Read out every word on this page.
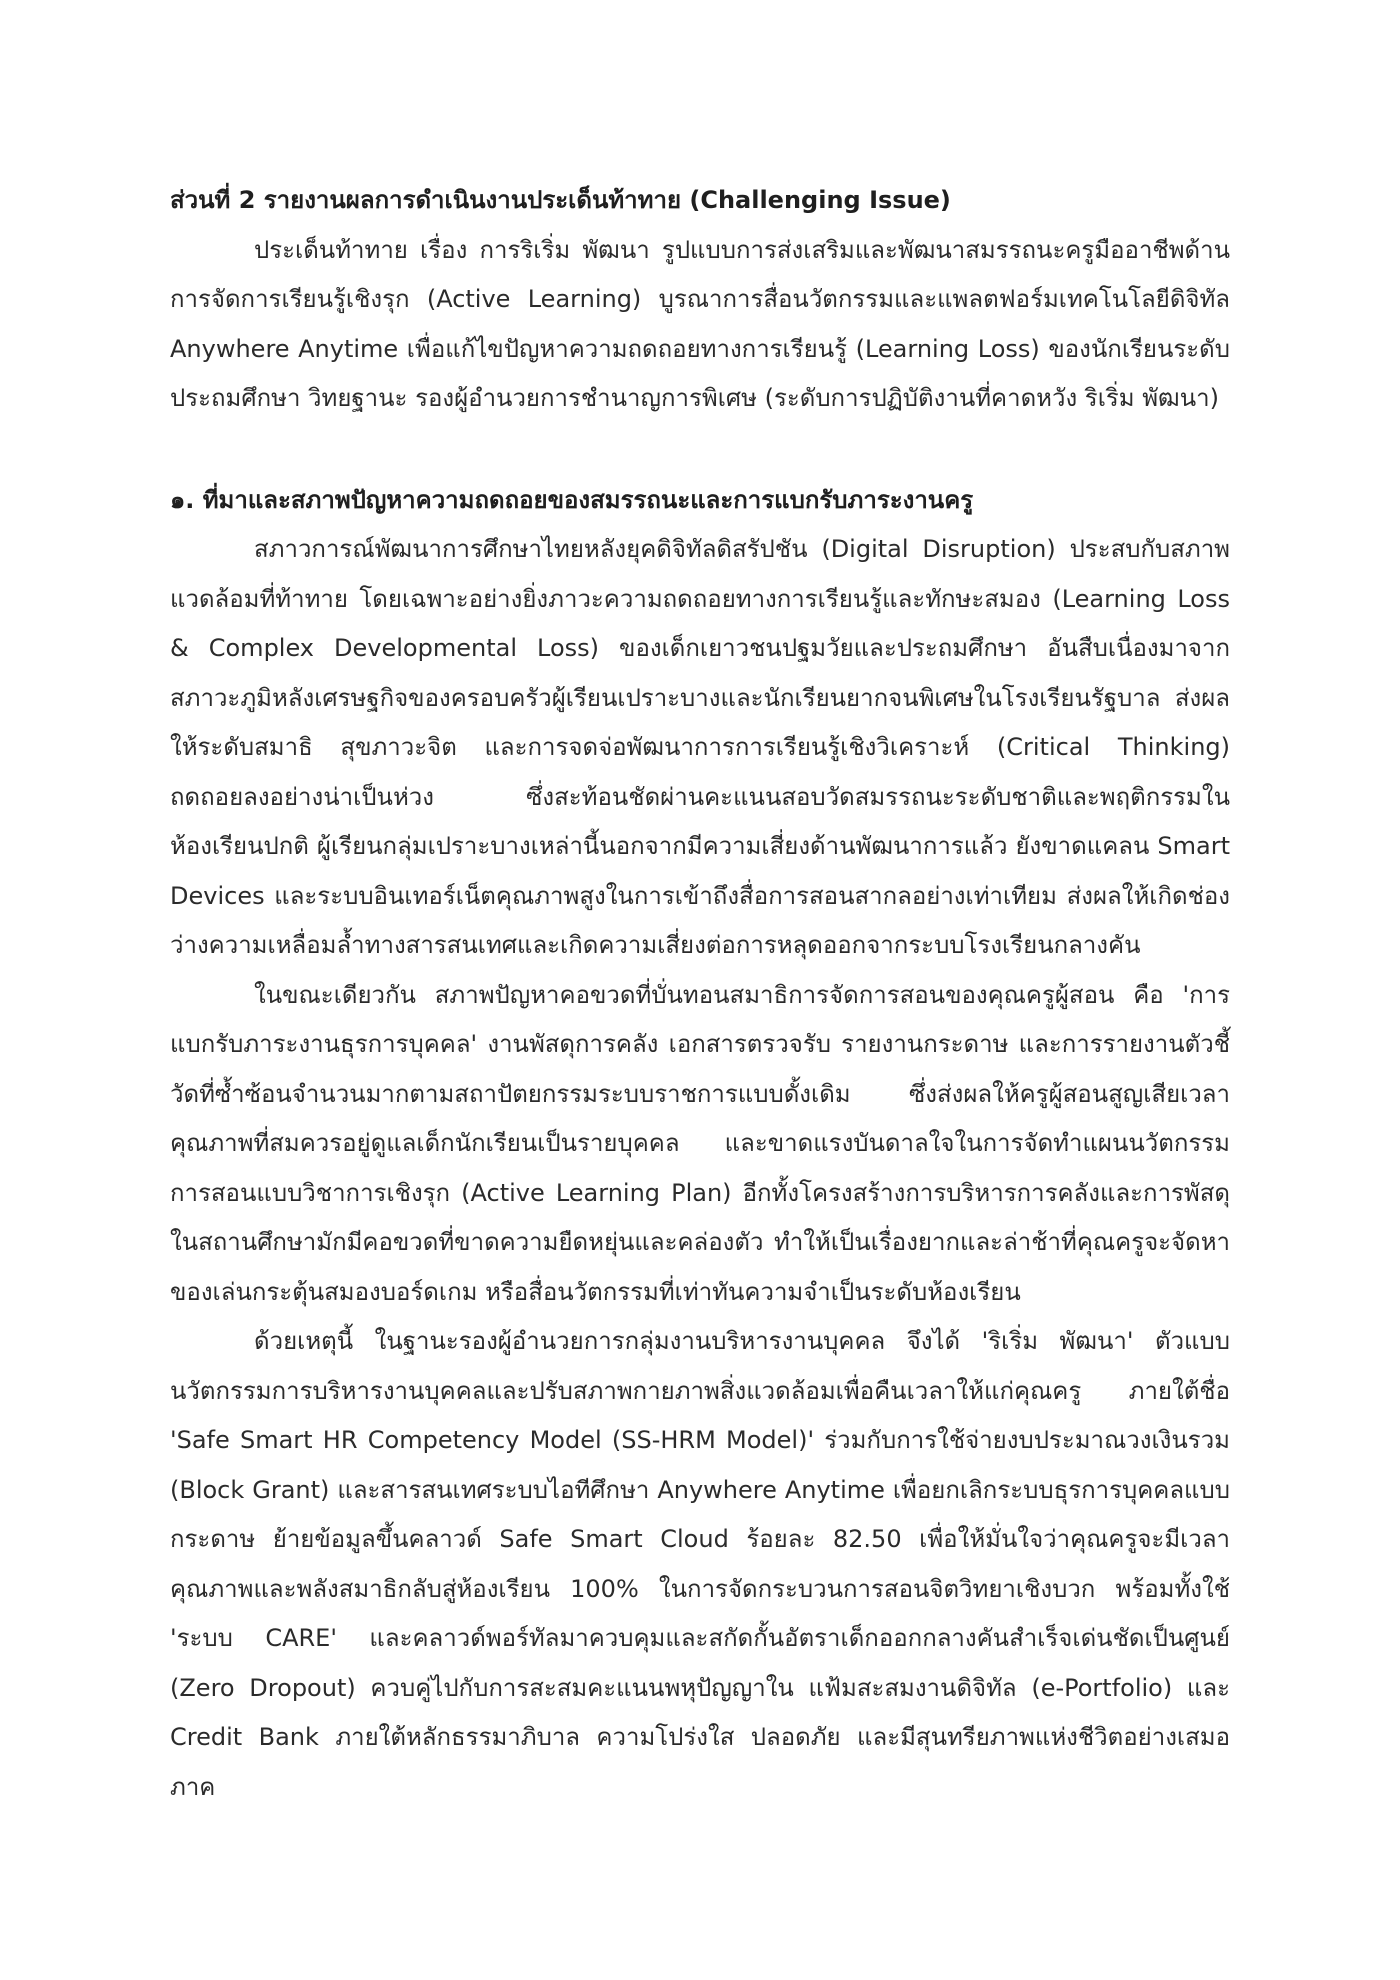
ส่วนที่ 2 รายงานผลการดำเนินงานประเด็นท้าทาย (Challenging Issue)

ประเด็นท้าทาย เรื่อง การริเริ่ม พัฒนา รูปแบบการส่งเสริมและพัฒนาสมรรถนะครูมืออาชีพด้านการจัดการเรียนรู้เชิงรุก (Active Learning) บูรณาการสื่อนวัตกรรมและแพลตฟอร์มเทคโนโลยีดิจิทัล Anywhere Anytime เพื่อแก้ไขปัญหาความถดถอยทางการเรียนรู้ (Learning Loss) ของนักเรียนระดับประถมศึกษา วิทยฐานะ รองผู้อำนวยการชำนาญการพิเศษ (ระดับการปฏิบัติงานที่คาดหวัง ริเริ่ม พัฒนา)

๑. ที่มาและสภาพปัญหาความถดถอยของสมรรถนะและการแบกรับภาระงานครู

สภาวการณ์พัฒนาการศึกษาไทยหลังยุคดิจิทัลดิสรัปชัน (Digital Disruption) ประสบกับสภาพแวดล้อมที่ท้าทาย โดยเฉพาะอย่างยิ่งภาวะความถดถอยทางการเรียนรู้และทักษะสมอง (Learning Loss & Complex Developmental Loss) ของเด็กเยาวชนปฐมวัยและประถมศึกษา อันสืบเนื่องมาจากสภาวะภูมิหลังเศรษฐกิจของครอบครัวผู้เรียนเปราะบางและนักเรียนยากจนพิเศษในโรงเรียนรัฐบาล ส่งผลให้ระดับสมาธิ สุขภาวะจิต และการจดจ่อพัฒนาการการเรียนรู้เชิงวิเคราะห์ (Critical Thinking) ถดถอยลงอย่างน่าเป็นห่วง ซึ่งสะท้อนชัดผ่านคะแนนสอบวัดสมรรถนะระดับชาติและพฤติกรรมในห้องเรียนปกติ ผู้เรียนกลุ่มเปราะบางเหล่านี้นอกจากมีความเสี่ยงด้านพัฒนาการแล้ว ยังขาดแคลน Smart Devices และระบบอินเทอร์เน็ตคุณภาพสูงในการเข้าถึงสื่อการสอนสากลอย่างเท่าเทียม ส่งผลให้เกิดช่องว่างความเหลื่อมล้ำทางสารสนเทศและเกิดความเสี่ยงต่อการหลุดออกจากระบบโรงเรียนกลางคัน

ในขณะเดียวกัน สภาพปัญหาคอขวดที่บั่นทอนสมาธิการจัดการสอนของคุณครูผู้สอน คือ 'การแบกรับภาระงานธุรการบุคคล' งานพัสดุการคลัง เอกสารตรวจรับ รายงานกระดาษ และการรายงานตัวชี้วัดที่ซ้ำซ้อนจำนวนมากตามสถาปัตยกรรมระบบราชการแบบดั้งเดิม ซึ่งส่งผลให้ครูผู้สอนสูญเสียเวลาคุณภาพที่สมควรอยู่ดูแลเด็กนักเรียนเป็นรายบุคคล และขาดแรงบันดาลใจในการจัดทำแผนนวัตกรรมการสอนแบบวิชาการเชิงรุก (Active Learning Plan) อีกทั้งโครงสร้างการบริหารการคลังและการพัสดุในสถานศึกษามักมีคอขวดที่ขาดความยืดหยุ่นและคล่องตัว ทำให้เป็นเรื่องยากและล่าช้าที่คุณครูจะจัดหาของเล่นกระตุ้นสมองบอร์ดเกม หรือสื่อนวัตกรรมที่เท่าทันความจำเป็นระดับห้องเรียน

ด้วยเหตุนี้ ในฐานะรองผู้อำนวยการกลุ่มงานบริหารงานบุคคล จึงได้ 'ริเริ่ม พัฒนา' ตัวแบบนวัตกรรมการบริหารงานบุคคลและปรับสภาพกายภาพสิ่งแวดล้อมเพื่อคืนเวลาให้แก่คุณครู ภายใต้ชื่อ 'Safe Smart HR Competency Model (SS-HRM Model)' ร่วมกับการใช้จ่ายงบประมาณวงเงินรวม (Block Grant) และสารสนเทศระบบไอทีศึกษา Anywhere Anytime เพื่อยกเลิกระบบธุรการบุคคลแบบกระดาษ ย้ายข้อมูลขึ้นคลาวด์ Safe Smart Cloud ร้อยละ 82.50 เพื่อให้มั่นใจว่าคุณครูจะมีเวลาคุณภาพและพลังสมาธิกลับสู่ห้องเรียน 100% ในการจัดกระบวนการสอนจิตวิทยาเชิงบวก พร้อมทั้งใช้ 'ระบบ CARE' และคลาวด์พอร์ทัลมาควบคุมและสกัดกั้นอัตราเด็กออกกลางคันสำเร็จเด่นชัดเป็นศูนย์ (Zero Dropout) ควบคู่ไปกับการสะสมคะแนนพหุปัญญาใน แฟ้มสะสมงานดิจิทัล (e-Portfolio) และ Credit Bank ภายใต้หลักธรรมาภิบาล ความโปร่งใส ปลอดภัย และมีสุนทรียภาพแห่งชีวิตอย่างเสมอภาค
